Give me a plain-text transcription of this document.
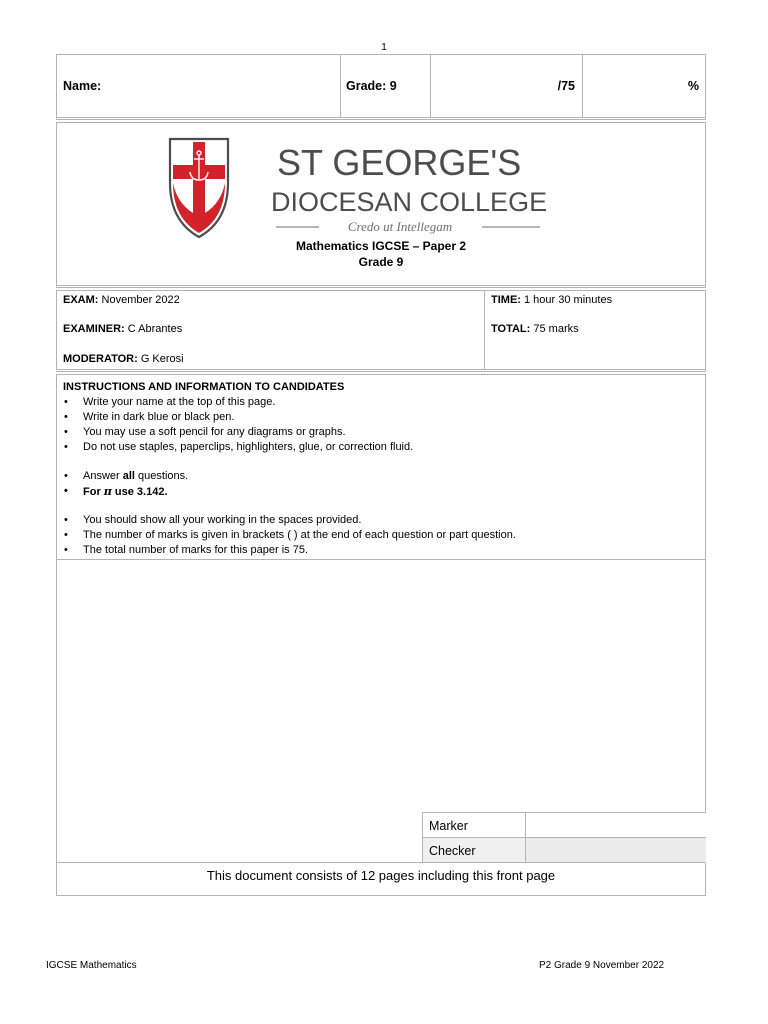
1
Name:	Grade: 9	/75	%
ST GEORGE'S
DIOCESAN COLLEGE
Credo ut Intellegam
Mathematics IGCSE – Paper 2
Grade 9
EXAM: November 2022
EXAMINER: C Abrantes
MODERATOR: G Kerosi
TIME: 1 hour 30 minutes
TOTAL: 75 marks
INSTRUCTIONS AND INFORMATION TO CANDIDATES
• Write your name at the top of this page.
• Write in dark blue or black pen.
• You may use a soft pencil for any diagrams or graphs.
• Do not use staples, paperclips, highlighters, glue, or correction fluid.
• Answer all questions.
• For π use 3.142.
• You should show all your working in the spaces provided.
• The number of marks is given in brackets ( ) at the end of each question or part question.
• The total number of marks for this paper is 75.
Marker
Checker
This document consists of 12 pages including this front page
IGCSE Mathematics	P2 Grade 9 November 2022
